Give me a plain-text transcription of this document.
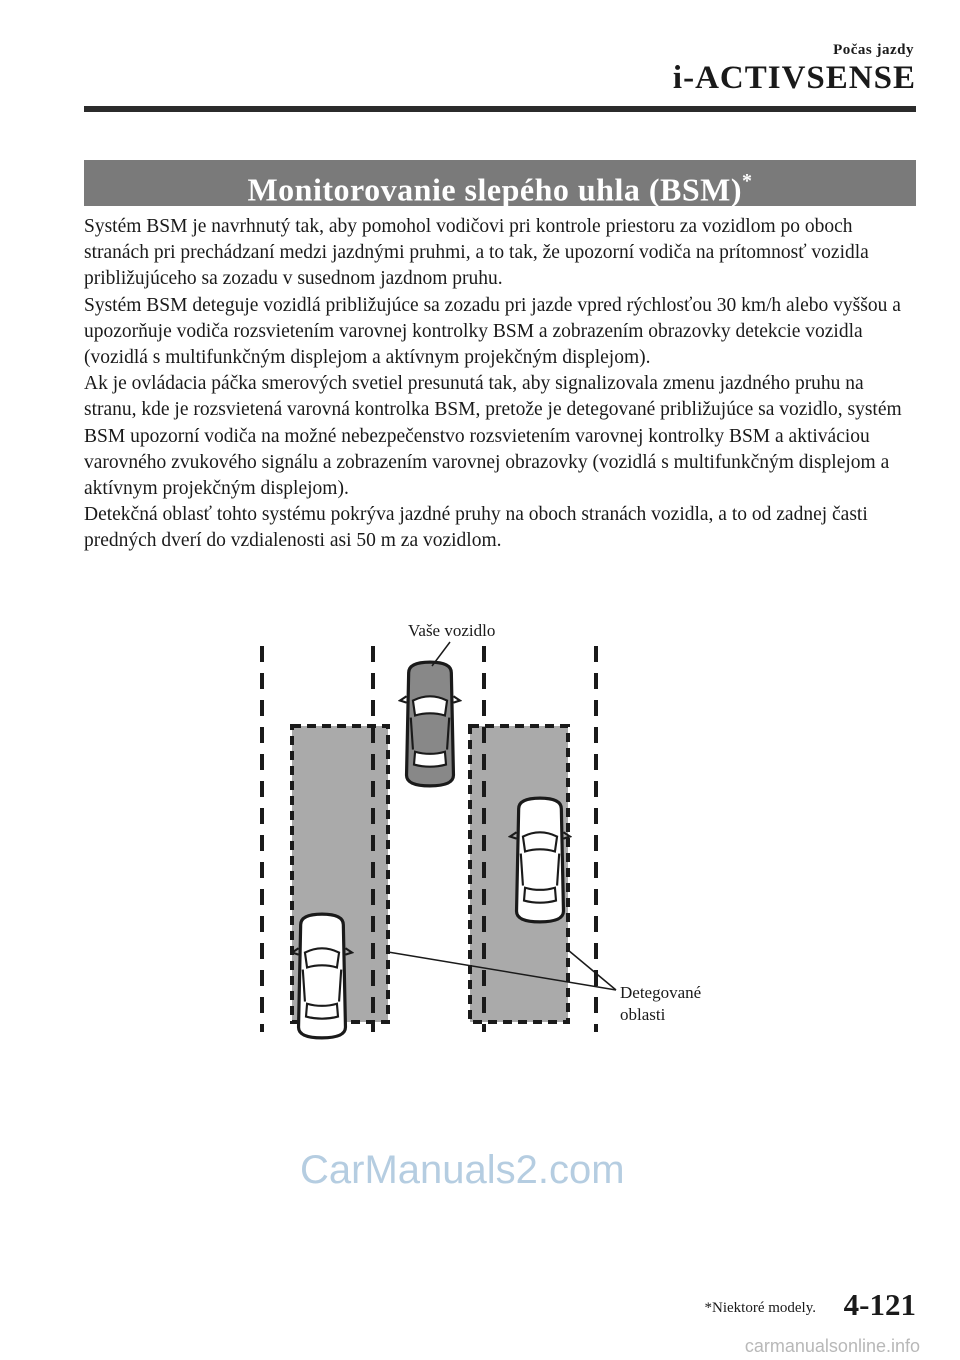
Počas jazdy
i-ACTIVSENSE
Monitorovanie slepého uhla (BSM)*

Systém BSM je navrhnutý tak, aby pomohol vodičovi pri kontrole priestoru za vozidlom po oboch stranách pri prechádzaní medzi jazdnými pruhmi, a to tak, že upozorní vodiča na prítomnosť vozidla približujúceho sa zozadu v susednom jazdnom pruhu.

Systém BSM deteguje vozidlá približujúce sa zozadu pri jazde vpred rýchlosťou 30 km/h alebo vyššou a upozorňuje vodiča rozsvietením varovnej kontrolky BSM a zobrazením obrazovky detekcie vozidla (vozidlá s multifunkčným displejom a aktívnym projekčným displejom).

Ak je ovládacia páčka smerových svetiel presunutá tak, aby signalizovala zmenu jazdného pruhu na stranu, kde je rozsvietená varovná kontrolka BSM, pretože je detegované približujúce sa vozidlo, systém BSM upozorní vodiča na možné nebezpečenstvo rozsvietením varovnej kontrolky BSM a aktiváciou varovného zvukového signálu a zobrazením varovnej obrazovky (vozidlá s multifunkčným displejom a aktívnym projekčným displejom).

Detekčná oblasť tohto systému pokrýva jazdné pruhy na oboch stranách vozidla, a to od zadnej časti predných dverí do vzdialenosti asi 50 m za vozidlom.

Vaše vozidlo
Detegované
oblasti
CarManuals2.com
*Niektoré modely. 4-121
carmanualsonline.info
